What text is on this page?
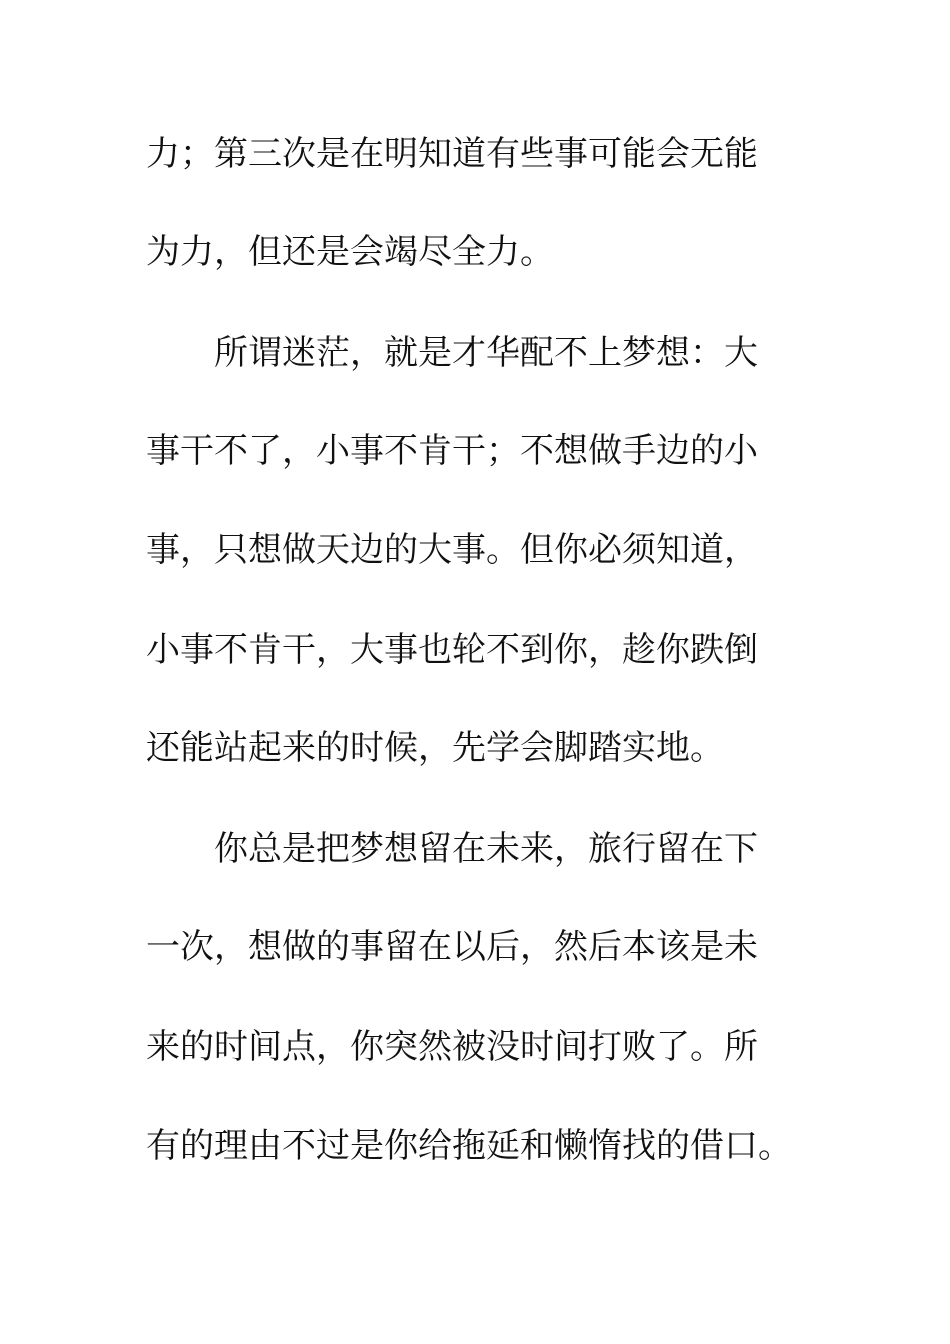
力；第三次是在明知道有些事可能会无能

为力，但还是会竭尽全力。

所谓迷茫，就是才华配不上梦想：大

事干不了，小事不肯干；不想做手边的小

事，只想做天边的大事。但你必须知道，

小事不肯干，大事也轮不到你，趁你跌倒

还能站起来的时候，先学会脚踏实地。

你总是把梦想留在未来，旅行留在下

一次，想做的事留在以后，然后本该是未

来的时间点，你突然被没时间打败了。所

有的理由不过是你给拖延和懒惰找的借口。
